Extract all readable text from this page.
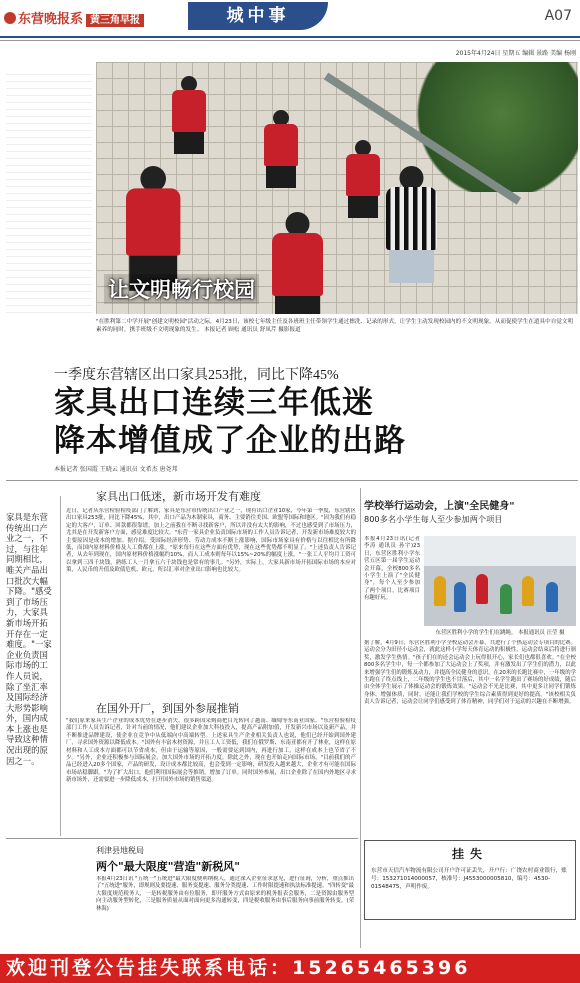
东营晚报系 黄三角早报	城中事	A07
2015年4月24日 星期五 编辑 景路 美编 杨刚
让文明畅行校园
"在胜利第二中学开展"创建文明校园"活动之际，4月23日，该校七年级主任及各班班主任带领学生通过擦洗、记录的形式，让学生主动发现校园内的不文明现象，从而促使学生在道具中自觉文明素养的同时，携手班级不文明现象的发生。 本报记者 顾松 通讯员 舒凤芹 摄影报道
一季度东营辖区出口家具253批，同比下降45%
家具出口连续三年低迷
降本增值成了企业的出路
本报记者 张国霞 王晓云 通讯员 文希杰 唐尧邦
家具是东营传统出口产业之一，不过，与往年同期相比，唯关产品出口批次大幅下降。"感受到了市场压力，大家具新市场开拓开存在一定难度。"一家企业负责国际市场的工作人员说，除了坐汇率及国际经济大形势影响外，国内成本上涨也是导致这种情况出现的原因之一。
家具出口低迷，新市场开发有难度
近日，记者从东营检验检疫部门了解到，家具是东营市传统出口产业之一，现有出口企业10家，今年第一季度，东营辖区出口家具253批，同比下降45%，其中，出口产品为木制家具，商务、主要销往美国、欧盟等国际和地区。"因为我们有稳定的大客户，订单、回款都很靠谱，加上之前我在不断寻找新客户，所以并没有太大的影响，不过也感受到了市场压力，尤其是在开发新客户方面，感觉难度比较大。"东营一家具企业负责国际市场的工作人员告诉记者，开发新市场难度较大的主要原因是成本的增加。据介绍，受国际经济形势、劳动力成本不断上涨影响，国际市场家具有价格与以往相比有所降低，而国内原材料价格及人工费都在上涨。"原来每行在这些方面有优势，现在这些优势都不明显了。"上述负责人告诉记者，从去年到现在，国内原材料价格涨幅约10%，而人工成本则每年以15%~20%的幅度上涨，"一张工人平均月工资可以拿到三四千块钱，熟练工人一月拿五六千块钱也是常有的事儿。"另外，实际上，大家具新市场开拓国际市场的本应对策，人民币的升值及欧债危机、欧元，所以汇率对企业出口影响也比较大。
在国外开厂，到国外参展推销
"我们原来家具生产企业的成本优势在逐步消失，很多跨国采购商把目光转向了越南、缅甸等东南亚国家。"东营检验检疫部门工作人员告诉记者，针对当前的情况，他们建议企业加大科技投入，提高产品附加值，开发新兴市场以及新产品，并不断推进品牌建设，使企业在竞争中从低端向中高端转型。上述家具生产企业相关负责人也说，他们已经开始到国外建厂，寻求国外资源以降低成本。"国外有丰富木材资源，并且工人工资低，我们在俄罗斯、东南亚都有开了林业，这样在原材料和人工成本方面都可以节省成本，但由于运输等原因，一般需要运到国内，再进行加工，这样在成本上也节省了不少。"另外，企业还积极参与国际展会，加大国外市场的开拓力度。除此之外，现在也开始走向国际市场，"目前我们的产品已经进入20多个国家，产品的研发，设计成本都比较高，也会受到一定影响，研发投入越来越大，企业才有可能在国际市场站稳脚跟。"为了扩大出口，他们利用国际展会等推销，增加了订单。同时国外参展，出口企业除了在国内外地区寻求新市场外，还需要进一步降低成本，打开国外市场的销售渠道。
学校举行运动会，上演"全民健身"
800多名小学生每人至少参加两个项目
本报4月23日讯(记者 李涛 通讯员 孙宇)23日，东营区胜利小学东营五区第一届学生运动会开幕，全校800多名小学生上演了"全民健身"，每个人至少参加了两个项目，比赛项目有趣好玩。
东营区胜利小学的学生们在跳绳。 本报通讯员 汪莹 摄
据了解，4月9日，东营区胜利小学全校运动会开幕，共进行了个热运动会专项目的比赛。运动会分为田径小运动会，就此这样小学每天体育运动的积极性，运动会结束后将进行颁奖，激发学生热情。"孩子们在的还会运动会上玩得很开心，家长们也都很喜欢。"在全校800多名学生中，每一个都参加了大运动会上了奖项，并有激发出了学生们的潜力，以此来增强学生们的锻炼及动力，并提高全民健身的意识。在20米的长跑比赛中，一年级的学生跑在了终点线上，二年级的学生也不甘落后，其中一名学生跑出了赛场的好成绩，随后由全体学生展示了体操运动会的锻炼效果。"运动会不光是比赛，其中更多让同学们锻炼身体、增强体质，同时，还能让我们学校的学生综合素质得到更好的提高。"该校相关负责人告诉记者，运动会让同学们感受到了体育精神，同学们对于运动的兴趣在不断增强。
利津县地税局
两个"最大限度"营造"新税风"
本报4月23日讯 "五统一"五统进"最大限度便利纳税人，通过深入企业征求意见，进行征询，分析，重点推出了"五统进"服务，即规则及要提速、服务变提速、服务分类提速、工作时限提速和执法标准提速。"四转变"最大限度规范税务人，一是转税服务由有位服务，即开服务方式由原来的税务报表会服务，二是资源由服务型向主动服务型转化，三是服务质量从面对面向更多沟通转变，四是税收服务由事后服务向事前服务转变。(荣林海)
挂失
东营市天信汽车物流有限公司开户许可证丢失，开户行：广饶农村商业银行，账号：153271014000057，核准号：J4553000005810，编号：4530-01548475，声明作废。
欢迎刊登公告挂失联系电话：15265465396
